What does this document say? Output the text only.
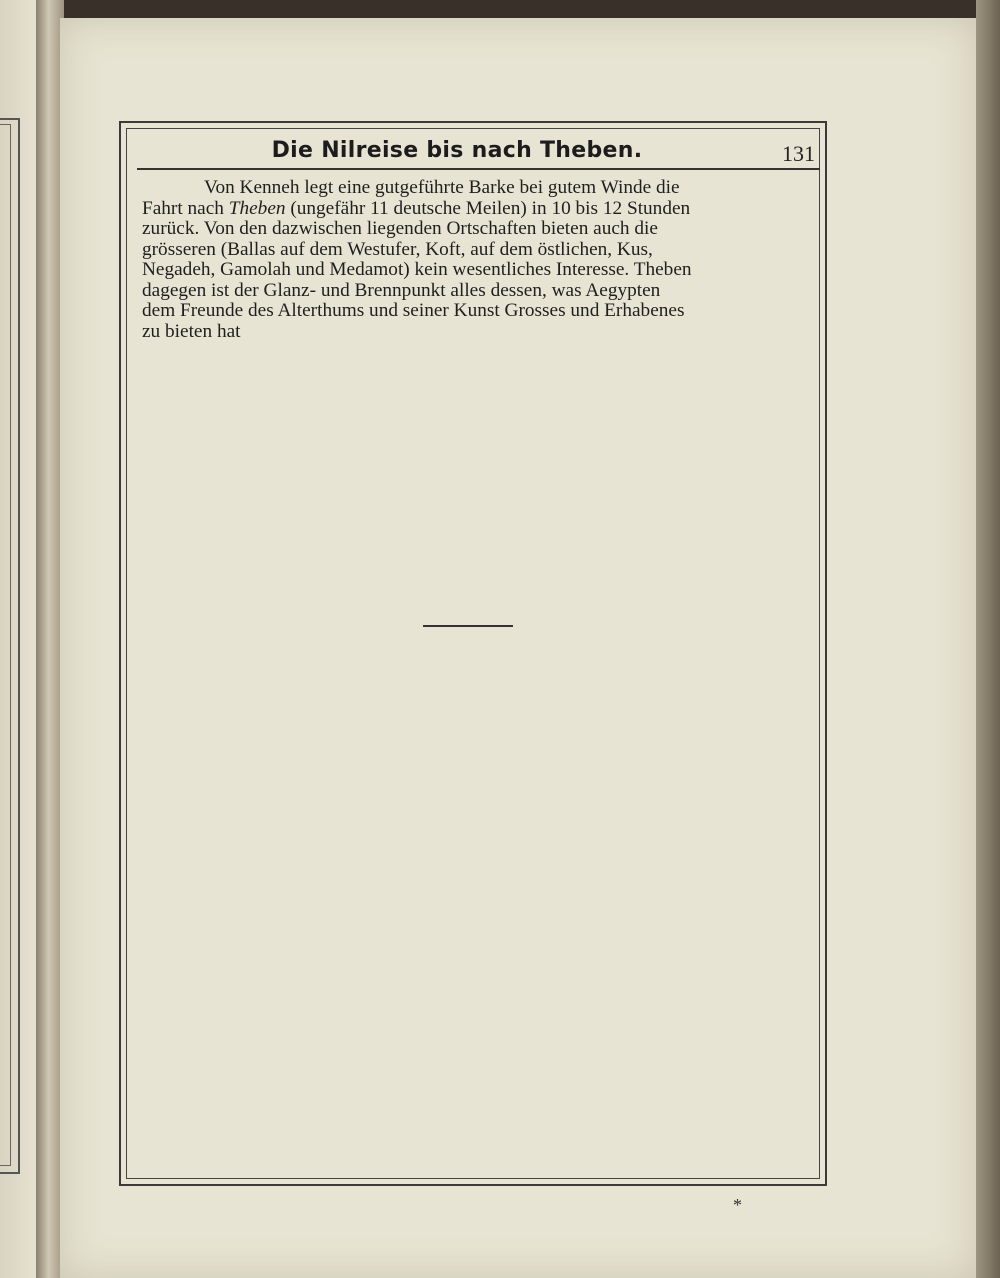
Die Nilreise bis nach Theben.	131
Von Kenneh legt eine gutgeführte Barke bei gutem Winde die
Fahrt nach Theben (ungefähr 11 deutsche Meilen) in 10 bis 12 Stunden
zurück. Von den dazwischen liegenden Ortschaften bieten auch die
grösseren (Ballas auf dem Westufer, Koft, auf dem östlichen, Kus,
Negadeh, Gamolah und Medamot) kein wesentliches Interesse. Theben
dagegen ist der Glanz- und Brennpunkt alles dessen, was Aegypten
dem Freunde des Alterthums und seiner Kunst Grosses und Erhabenes
zu bieten hat
*
